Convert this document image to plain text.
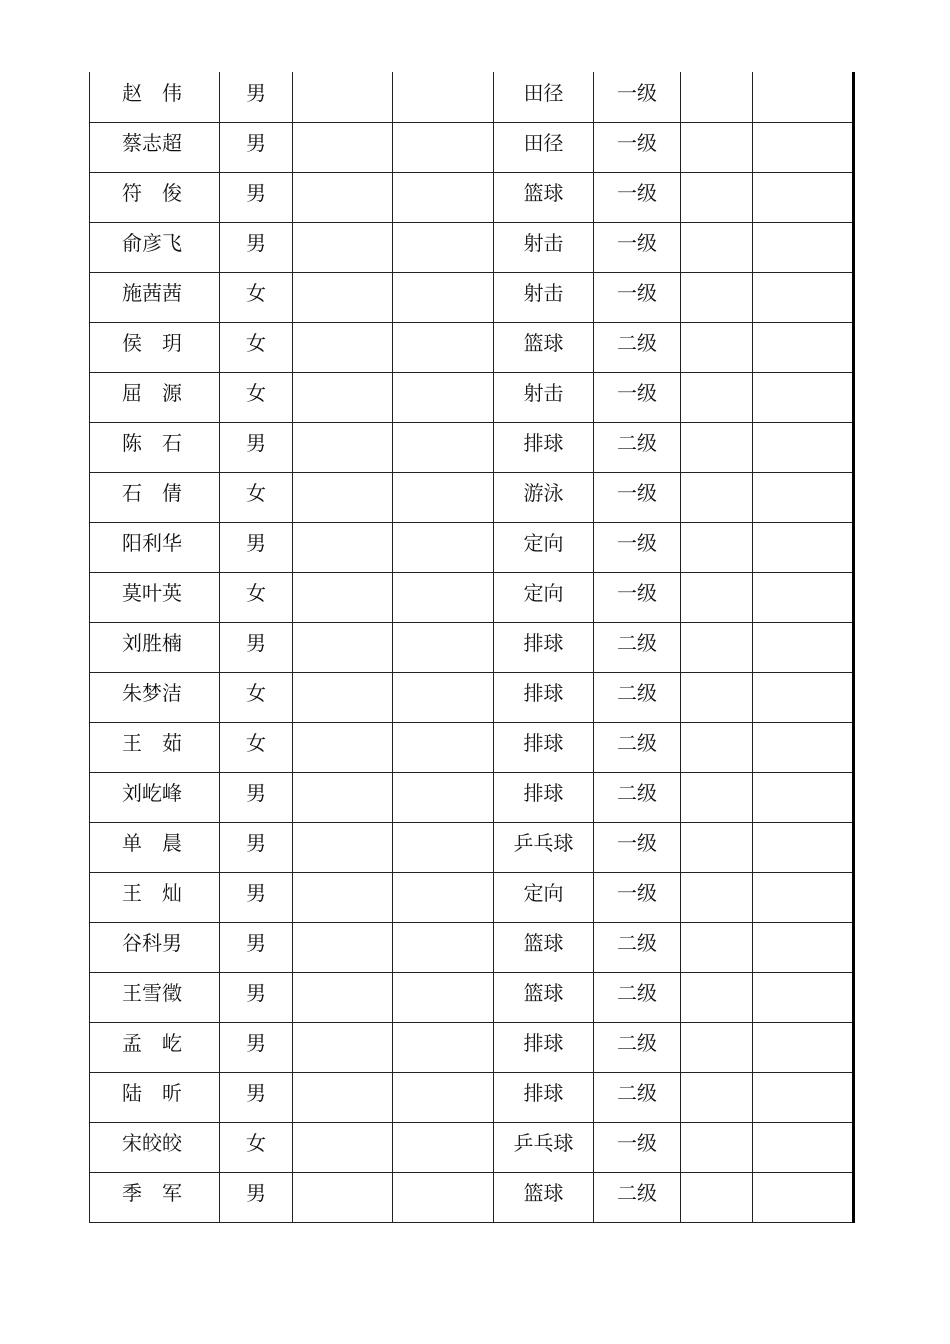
赵　伟	男			田径	一级		
蔡志超	男			田径	一级		
符　俊	男			篮球	一级		
俞彦飞	男			射击	一级		
施茜茜	女			射击	一级		
侯　玥	女			篮球	二级		
屈　源	女			射击	一级		
陈　石	男			排球	二级		
石　倩	女			游泳	一级		
阳利华	男			定向	一级		
莫叶英	女			定向	一级		
刘胜楠	男			排球	二级		
朱梦洁	女			排球	二级		
王　茹	女			排球	二级		
刘屹峰	男			排球	二级		
单　晨	男			乒乓球	一级		
王　灿	男			定向	一级		
谷科男	男			篮球	二级		
王雪徵	男			篮球	二级		
孟　屹	男			排球	二级		
陆　昕	男			排球	二级		
宋皎皎	女			乒乓球	一级		
季　军	男			篮球	二级		
